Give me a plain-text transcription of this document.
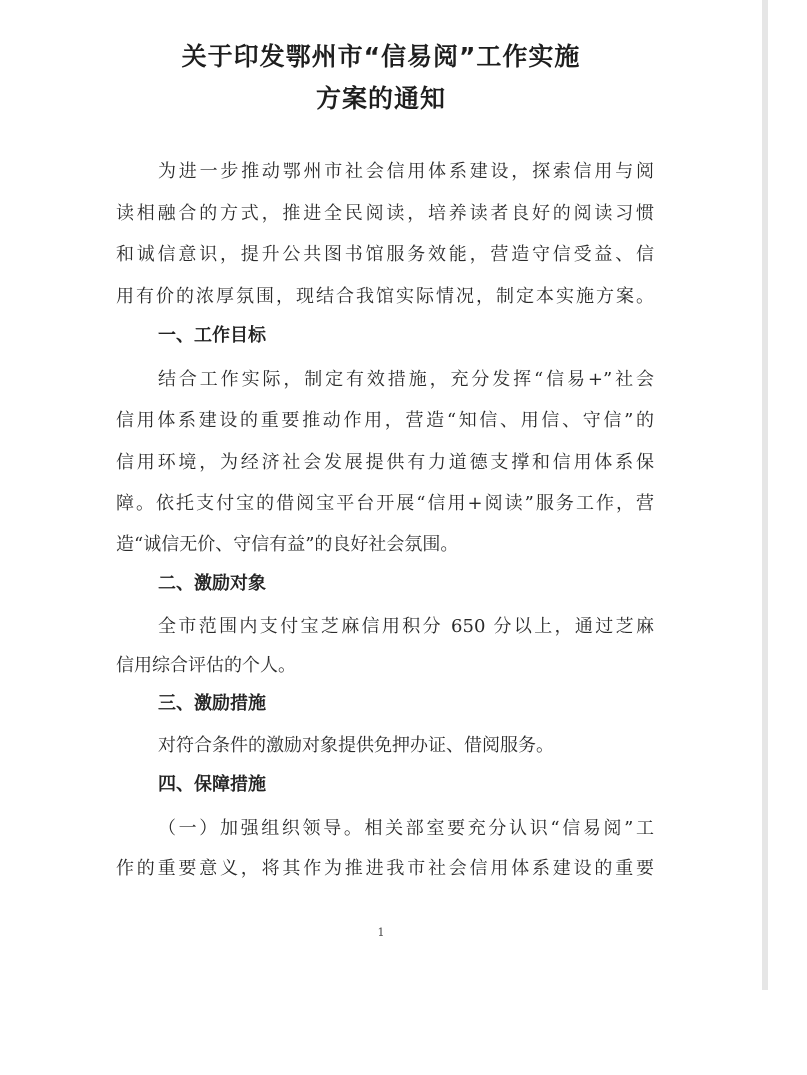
关于印发鄂州市“信易阅”工作实施
方案的通知
为进一步推动鄂州市社会信用体系建设，探索信用与阅
读相融合的方式，推进全民阅读，培养读者良好的阅读习惯
和诚信意识，提升公共图书馆服务效能，营造守信受益、信
用有价的浓厚氛围，现结合我馆实际情况，制定本实施方案。
一、工作目标
结合工作实际，制定有效措施，充分发挥“信易+”社会
信用体系建设的重要推动作用，营造“知信、用信、守信”的
信用环境，为经济社会发展提供有力道德支撑和信用体系保
障。依托支付宝的借阅宝平台开展“信用+阅读”服务工作，营
造“诚信无价、守信有益”的良好社会氛围。
二、激励对象
全市范围内支付宝芝麻信用积分 650 分以上，通过芝麻
信用综合评估的个人。
三、激励措施
对符合条件的激励对象提供免押办证、借阅服务。
四、保障措施
（一）加强组织领导。相关部室要充分认识“信易阅”工
作的重要意义，将其作为推进我市社会信用体系建设的重要
1
